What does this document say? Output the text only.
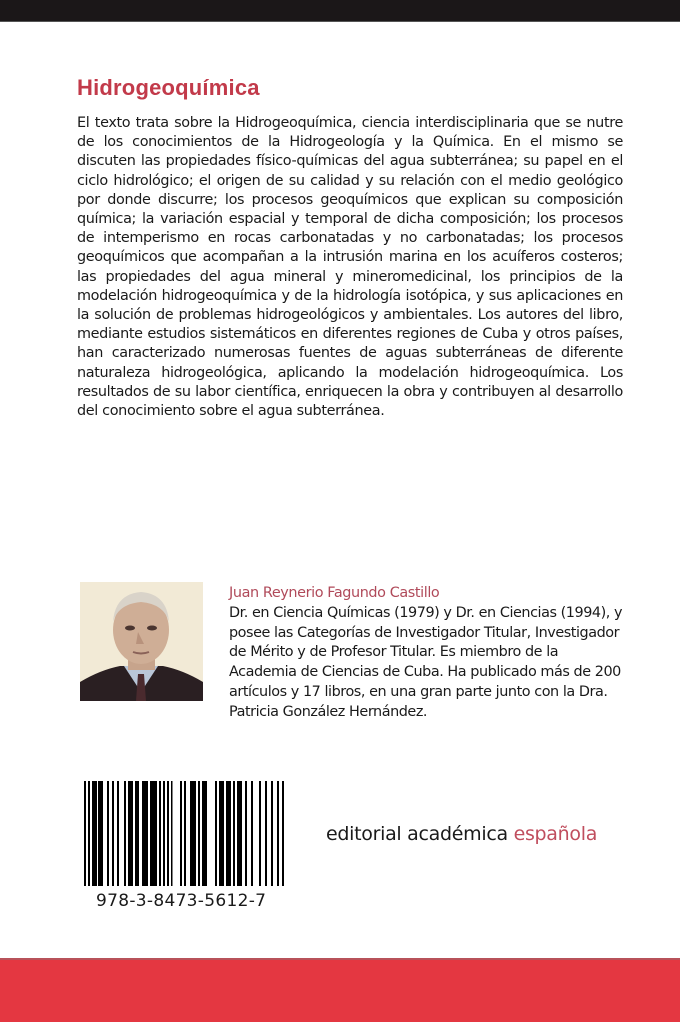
Hidrogeoquímica

El texto trata sobre la Hidrogeoquímica, ciencia interdisciplinaria que se nutre de los conocimientos de la Hidrogeología y la Química. En el mismo se discuten las propiedades físico-químicas del agua subterránea; su papel en el ciclo hidrológico; el origen de su calidad y su relación con el medio geológico por donde discurre; los procesos geoquímicos que explican su composición química; la variación espacial y temporal de dicha composición; los procesos de intemperismo en rocas carbonatadas y no carbonatadas; los procesos geoquímicos que acompañan a la intrusión marina en los acuíferos costeros; las propiedades del agua mineral y mineromedicinal, los principios de la modelación hidrogeoquímica y de la hidrología isotópica, y sus aplicaciones en la solución de problemas hidrogeológicos y ambientales. Los autores del libro, mediante estudios sistemáticos en diferentes regiones de Cuba y otros países, han caracterizado numerosas fuentes de aguas subterráneas de diferente naturaleza hidrogeológica, aplicando la modelación hidrogeoquímica. Los resultados de su labor científica, enriquecen la obra y contribuyen al desarrollo del conocimiento sobre el agua subterránea.

Juan Reynerio Fagundo Castillo

Dr. en Ciencia Químicas (1979) y Dr. en Ciencias (1994), y posee las Categorías de Investigador Titular, Investigador de Mérito y de Profesor Titular. Es miembro de la Academia de Ciencias de Cuba. Ha publicado más de 200 artículos y 17 libros, en una gran parte junto con la Dra. Patricia González Hernández.

978-3-8473-5612-7

editorial académica española
